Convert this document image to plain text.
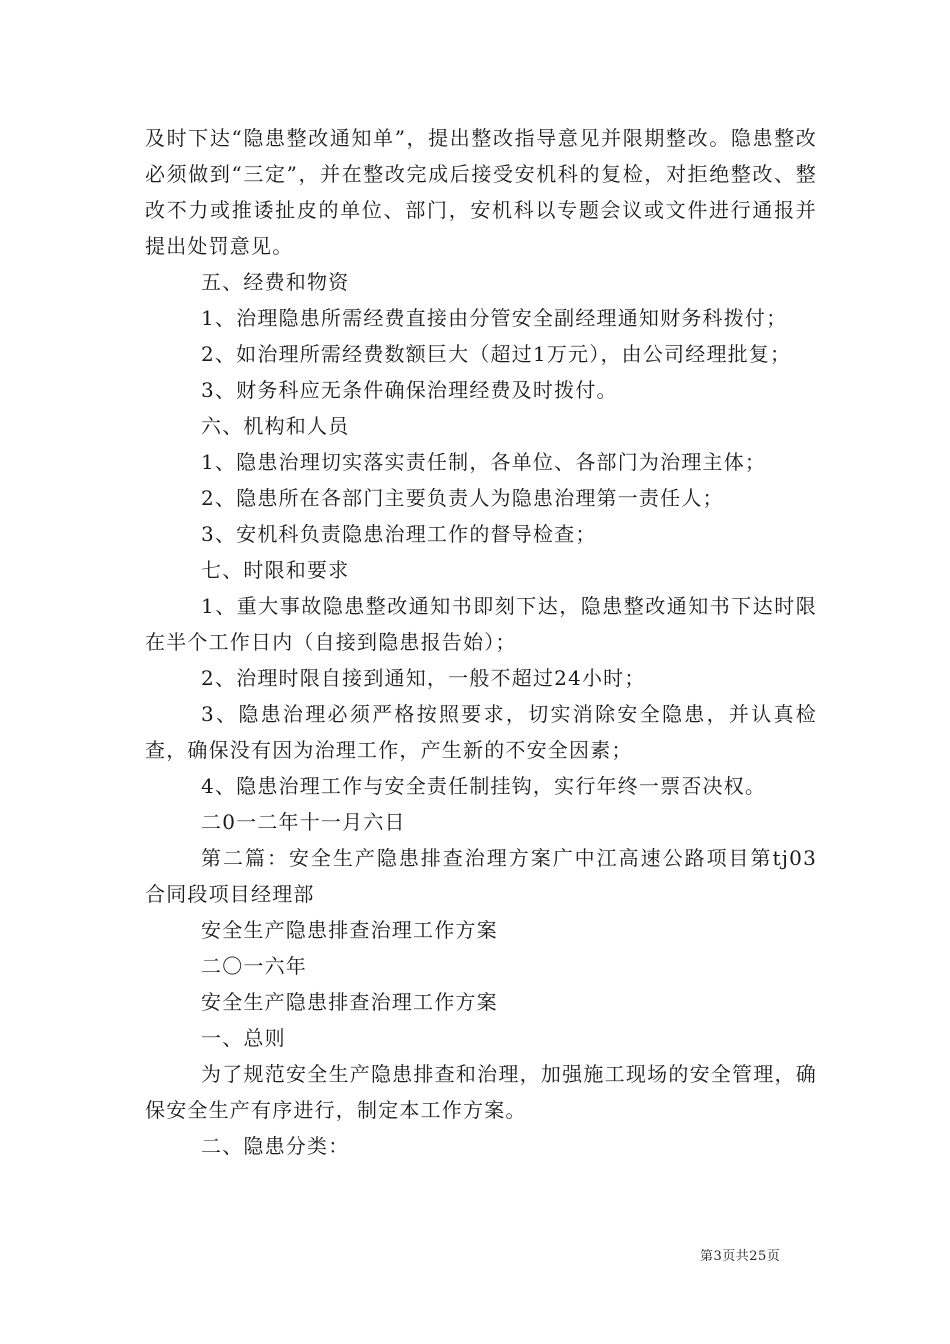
及时下达“隐患整改通知单”，提出整改指导意见并限期整改。隐患整改必须做到“三定”，并在整改完成后接受安机科的复检，对拒绝整改、整改不力或推诿扯皮的单位、部门，安机科以专题会议或文件进行通报并提出处罚意见。

五、经费和物资

1、治理隐患所需经费直接由分管安全副经理通知财务科拨付；

2、如治理所需经费数额巨大（超过1万元），由公司经理批复；

3、财务科应无条件确保治理经费及时拨付。

六、机构和人员

1、隐患治理切实落实责任制，各单位、各部门为治理主体；

2、隐患所在各部门主要负责人为隐患治理第一责任人；

3、安机科负责隐患治理工作的督导检查；

七、时限和要求

1、重大事故隐患整改通知书即刻下达，隐患整改通知书下达时限在半个工作日内（自接到隐患报告始）；

2、治理时限自接到通知，一般不超过24小时；

3、隐患治理必须严格按照要求，切实消除安全隐患，并认真检查，确保没有因为治理工作，产生新的不安全因素；

4、隐患治理工作与安全责任制挂钩，实行年终一票否决权。

二0一二年十一月六日

第二篇：安全生产隐患排查治理方案广中江高速公路项目第tj03合同段项目经理部

安全生产隐患排查治理工作方案

二〇一六年

安全生产隐患排查治理工作方案

一、总则

为了规范安全生产隐患排查和治理，加强施工现场的安全管理，确保安全生产有序进行，制定本工作方案。

二、隐患分类：

第3页共25页
